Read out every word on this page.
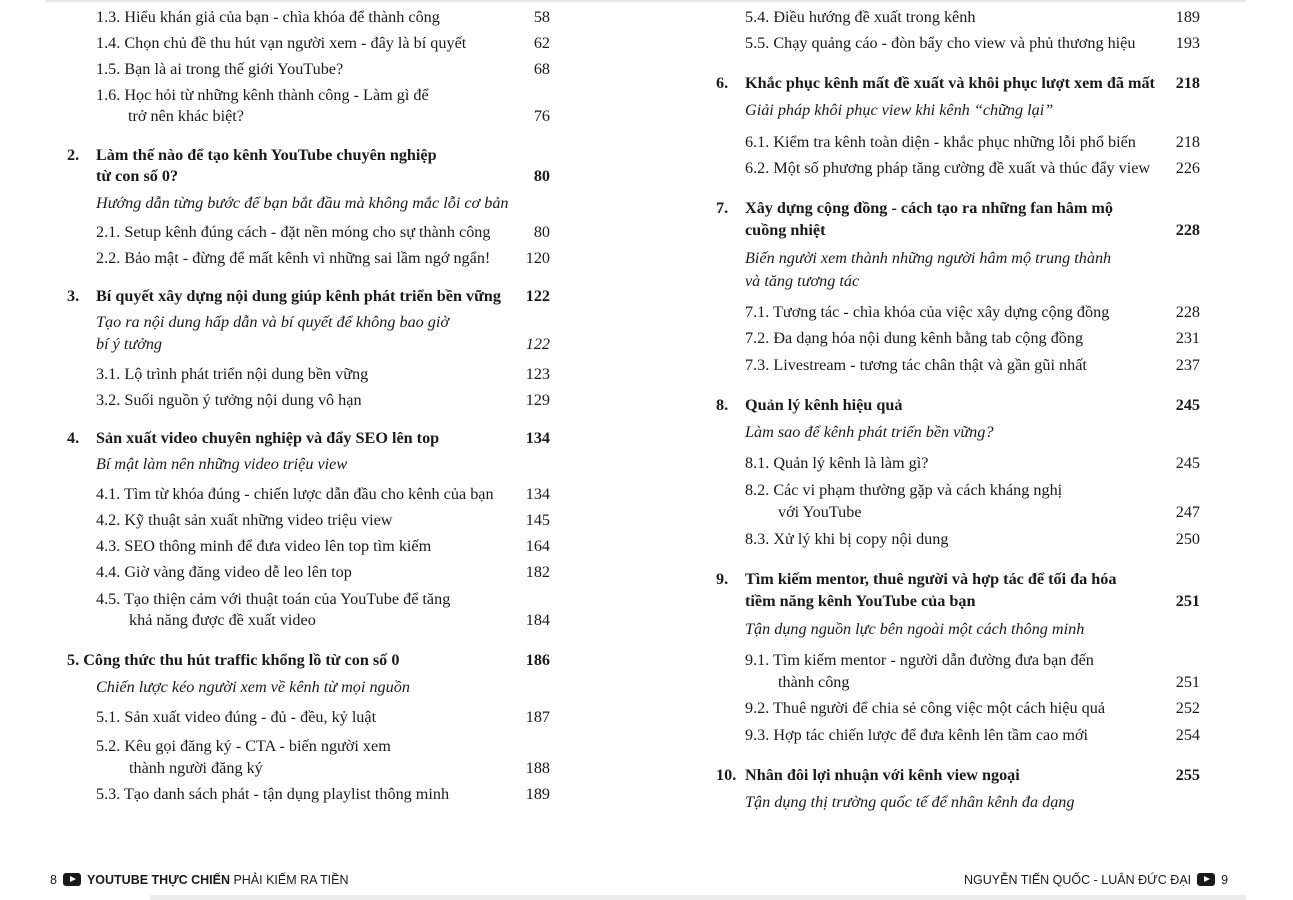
1.3. Hiểu khán giả của bạn - chìa khóa để thành công	58
1.4. Chọn chủ đề thu hút vạn người xem - đây là bí quyết	62
1.5. Bạn là ai trong thế giới YouTube?	68
1.6. Học hỏi từ những kênh thành công - Làm gì để
trở nên khác biệt?	76
2. Làm thế nào để tạo kênh YouTube chuyên nghiệp
từ con số 0?	80
Hướng dẫn từng bước để bạn bắt đầu mà không mắc lỗi cơ bản
2.1. Setup kênh đúng cách - đặt nền móng cho sự thành công	80
2.2. Bảo mật - đừng để mất kênh vì những sai lầm ngớ ngẩn!	120
3. Bí quyết xây dựng nội dung giúp kênh phát triển bền vững	122
Tạo ra nội dung hấp dẫn và bí quyết để không bao giờ
bí ý tưởng	122
3.1. Lộ trình phát triển nội dung bền vững	123
3.2. Suối nguồn ý tưởng nội dung vô hạn	129
4. Sản xuất video chuyên nghiệp và đẩy SEO lên top	134
Bí mật làm nên những video triệu view
4.1. Tìm từ khóa đúng - chiến lược dẫn đầu cho kênh của bạn	134
4.2. Kỹ thuật sản xuất những video triệu view	145
4.3. SEO thông minh để đưa video lên top tìm kiếm	164
4.4. Giờ vàng đăng video dễ leo lên top	182
4.5. Tạo thiện cảm với thuật toán của YouTube để tăng
khả năng được đề xuất video	184
5. Công thức thu hút traffic khổng lồ từ con số 0	186
Chiến lược kéo người xem về kênh từ mọi nguồn
5.1. Sản xuất video đúng - đủ - đều, kỷ luật	187
5.2. Kêu gọi đăng ký - CTA - biến người xem
thành người đăng ký	188
5.3. Tạo danh sách phát - tận dụng playlist thông minh	189
5.4. Điều hướng đề xuất trong kênh	189
5.5. Chạy quảng cáo - đòn bẩy cho view và phủ thương hiệu	193
6. Khắc phục kênh mất đề xuất và khôi phục lượt xem đã mất	218
Giải pháp khôi phục view khi kênh “chững lại”
6.1. Kiểm tra kênh toàn diện - khắc phục những lỗi phổ biến	218
6.2. Một số phương pháp tăng cường đề xuất và thúc đẩy view	226
7. Xây dựng cộng đồng - cách tạo ra những fan hâm mộ
cuồng nhiệt	228
Biến người xem thành những người hâm mộ trung thành
và tăng tương tác
7.1. Tương tác - chìa khóa của việc xây dựng cộng đồng	228
7.2. Đa dạng hóa nội dung kênh bằng tab cộng đồng	231
7.3. Livestream - tương tác chân thật và gần gũi nhất	237
8. Quản lý kênh hiệu quả	245
Làm sao để kênh phát triển bền vững?
8.1. Quản lý kênh là làm gì?	245
8.2. Các vi phạm thường gặp và cách kháng nghị
với YouTube	247
8.3. Xử lý khi bị copy nội dung	250
9. Tìm kiếm mentor, thuê người và hợp tác để tối đa hóa
tiềm năng kênh YouTube của bạn	251
Tận dụng nguồn lực bên ngoài một cách thông minh
9.1. Tìm kiếm mentor - người dẫn đường đưa bạn đến
thành công	251
9.2. Thuê người để chia sẻ công việc một cách hiệu quả	252
9.3. Hợp tác chiến lược để đưa kênh lên tầm cao mới	254
10. Nhân đôi lợi nhuận với kênh view ngoại	255
Tận dụng thị trường quốc tế để nhân kênh đa dạng
8 YOUTUBE THỰC CHIẾN PHẢI KIẾM RA TIỀN	NGUYỄN TIẾN QUỐC - LUÂN ĐỨC ĐẠI 9
